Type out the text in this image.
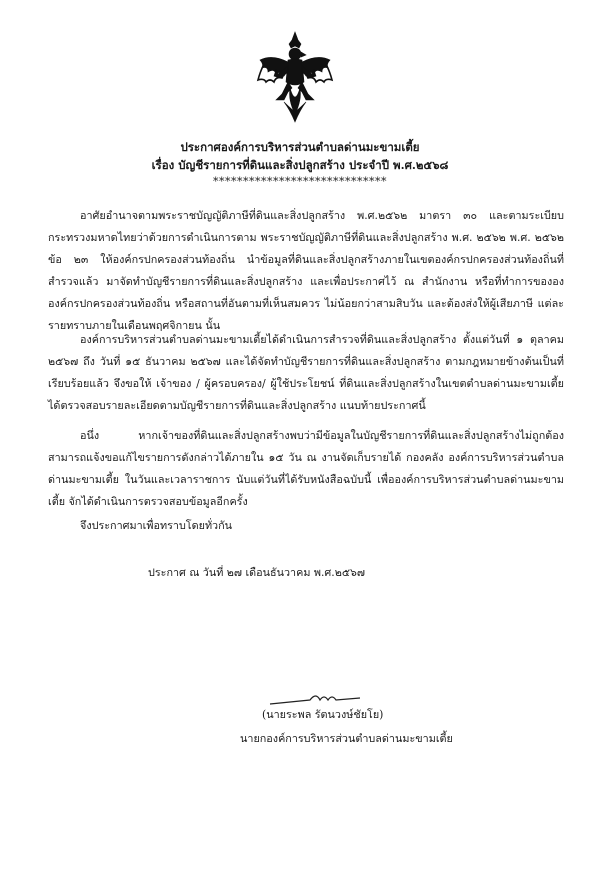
ประกาศองค์การบริหารส่วนตำบลด่านมะขามเตี้ย

เรื่อง บัญชีรายการที่ดินและสิ่งปลูกสร้าง ประจำปี พ.ศ.๒๕๖๘

*****************************

อาศัยอำนาจตามพระราชบัญญัติภาษีที่ดินและสิ่งปลูกสร้าง พ.ศ.๒๕๖๒ มาตรา ๓๐ และตามระเบียบกระทรวงมหาดไทยว่าด้วยการดำเนินการตาม พระราชบัญญัติภาษีที่ดินและสิ่งปลูกสร้าง พ.ศ. ๒๕๖๒ พ.ศ. ๒๕๖๒ ข้อ ๒๓ ให้องค์กรปกครองส่วนท้องถิ่น นำข้อมูลที่ดินและสิ่งปลูกสร้างภายในเขตองค์กรปกครองส่วนท้องถิ่นที่สำรวจแล้ว มาจัดทำบัญชีรายการที่ดินและสิ่งปลูกสร้าง และเพื่อประกาศไว้ ณ สำนักงาน หรือที่ทำการของององค์กรปกครองส่วนท้องถิ่น หรือสถานที่อันตามที่เห็นสมควร ไม่น้อยกว่าสามสิบวัน และต้องส่งให้ผู้เสียภาษี แต่ละรายทราบภายในเดือนพฤศจิกายน นั้น

องค์การบริหารส่วนตำบลด่านมะขามเตี้ยได้ดำเนินการสำรวจที่ดินและสิ่งปลูกสร้าง ตั้งแต่วันที่ ๑ ตุลาคม ๒๕๖๗ ถึง วันที่ ๑๕ ธันวาคม ๒๕๖๗ และได้จัดทำบัญชีรายการที่ดินและสิ่งปลูกสร้าง ตามกฎหมายข้างต้นเป็นที่เรียบร้อยแล้ว จึงขอให้ เจ้าของ / ผู้ครอบครอง/ ผู้ใช้ประโยชน์ ที่ดินและสิ่งปลูกสร้างในเขตตำบลด่านมะขามเตี้ย ได้ตรวจสอบรายละเอียดตามบัญชีรายการที่ดินและสิ่งปลูกสร้าง แนบท้ายประกาศนี้

อนึ่ง หากเจ้าของที่ดินและสิ่งปลูกสร้างพบว่ามีข้อมูลในบัญชีรายการที่ดินและสิ่งปลูกสร้างไม่ถูกต้อง สามารถแจ้งขอแก้ไขรายการดังกล่าวได้ภายใน ๑๕ วัน ณ งานจัดเก็บรายได้ กองคลัง องค์การบริหารส่วนตำบลด่านมะขามเตี้ย ในวันและเวลาราชการ นับแต่วันที่ได้รับหนังสือฉบับนี้ เพื่อองค์การบริหารส่วนตำบลด่านมะขามเตี้ย จักได้ดำเนินการตรวจสอบข้อมูลอีกครั้ง

จึงประกาศมาเพื่อทราบโดยทั่วกัน

ประกาศ ณ วันที่ ๒๗ เดือนธันวาคม พ.ศ.๒๕๖๗

(นายระพล รัตนวงษ์ชัยโย)

นายกองค์การบริหารส่วนตำบลด่านมะขามเตี้ย
